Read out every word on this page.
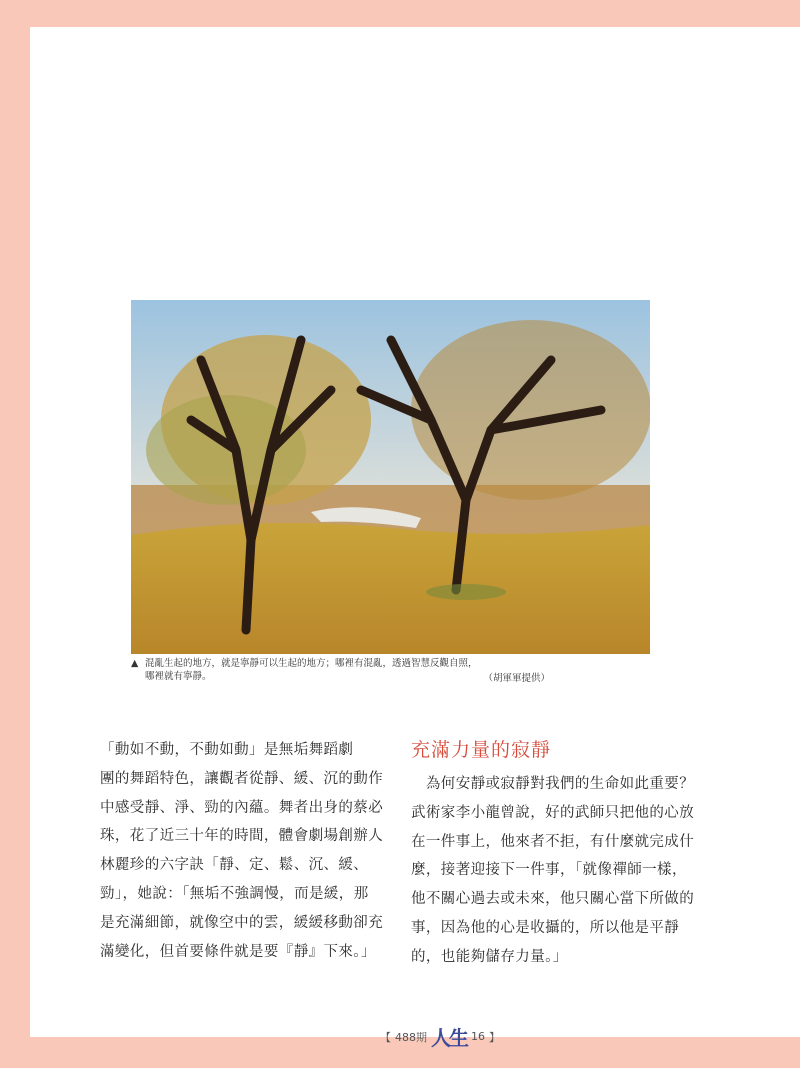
▲ 混亂生起的地方，就是寧靜可以生起的地方；哪裡有混亂，透過智慧反觀自照，
哪裡就有寧靜。	（胡軍軍提供）

「動如不動，不動如動」是無垢舞蹈劇

團的舞蹈特色，讓觀者從靜、緩、沉的動作

中感受靜、淨、勁的內蘊。舞者出身的蔡必

珠，花了近三十年的時間，體會劇場創辦人

林麗珍的六字訣「靜、定、鬆、沉、緩、

勁」，她說：「無垢不強調慢，而是緩，那

是充滿細節，就像空中的雲，緩緩移動卻充

滿變化，但首要條件就是要『靜』下來。」

充滿力量的寂靜

　為何安靜或寂靜對我們的生命如此重要？

武術家李小龍曾說，好的武師只把他的心放

在一件事上，他來者不拒，有什麼就完成什

麼，接著迎接下一件事，「就像禪師一樣，

他不關心過去或未來，他只關心當下所做的

事，因為他的心是收攝的，所以他是平靜

的，也能夠儲存力量。」

【 488期 人生 16 】
